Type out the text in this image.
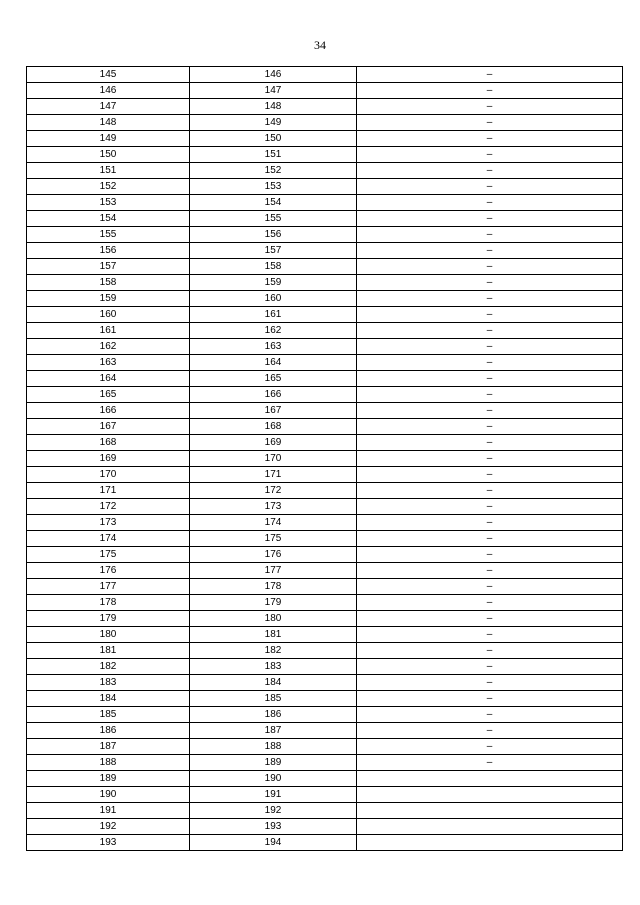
34
145	146	–
146	147	–
147	148	–
148	149	–
149	150	–
150	151	–
151	152	–
152	153	–
153	154	–
154	155	–
155	156	–
156	157	–
157	158	–
158	159	–
159	160	–
160	161	–
161	162	–
162	163	–
163	164	–
164	165	–
165	166	–
166	167	–
167	168	–
168	169	–
169	170	–
170	171	–
171	172	–
172	173	–
173	174	–
174	175	–
175	176	–
176	177	–
177	178	–
178	179	–
179	180	–
180	181	–
181	182	–
182	183	–
183	184	–
184	185	–
185	186	–
186	187	–
187	188	–
188	189	–
189	190	
190	191	
191	192	
192	193	
193	194	
